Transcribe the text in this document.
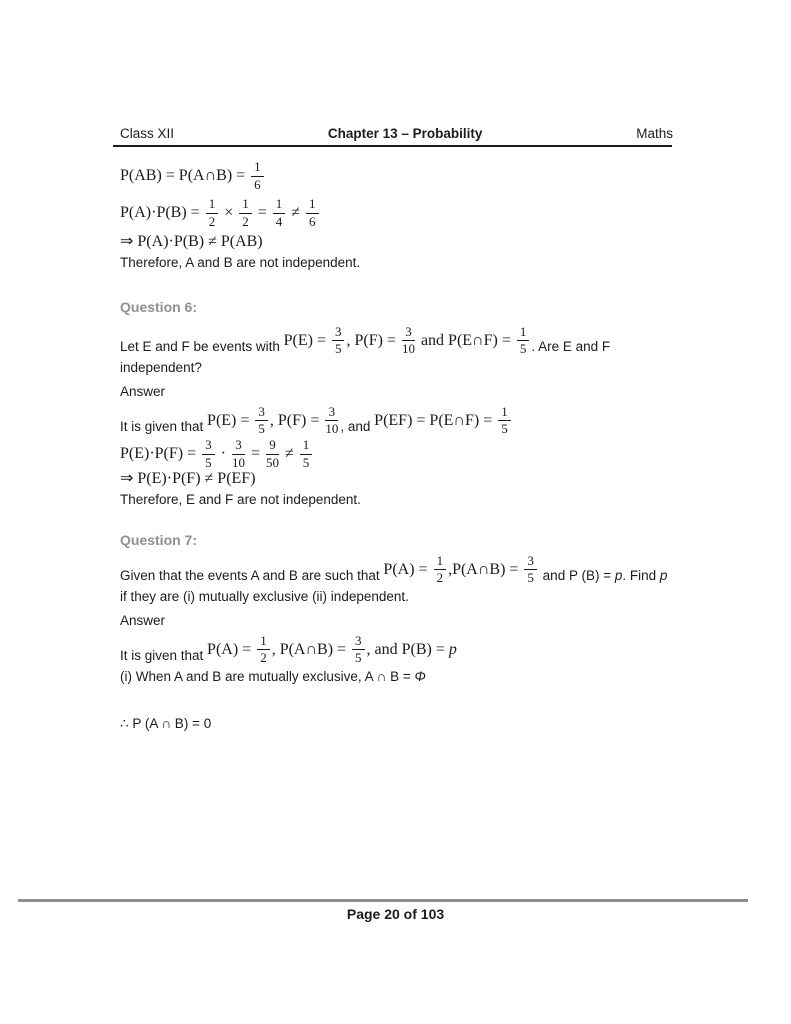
Class XII	Chapter 13 – Probability	Maths
P(AB) = P(A∩B) = $\frac{1}{6}$
$P(A)\cdot P(B) = \frac{1}{2} \times \frac{1}{2} = \frac{1}{4} \ne \frac{1}{6}$
⇒ P(A)·P(B) ≠ P(AB)
Therefore, A and B are not independent.
Question 6:
Let E and F be events with $P(E) = \frac{3}{5}$ , $P(F) = \frac{3}{10}$ and P(E∩F) = $\frac{1}{5}$ . Are E and F
independent?
Answer
It is given that $P(E) = \frac{3}{5}$ , $P(F) = \frac{3}{10}$ , and P(EF) = P(E∩F) = $\frac{1}{5}$
$P(E)\cdot P(F) = \frac{3}{5} \cdot \frac{3}{10} = \frac{9}{50} \ne \frac{1}{5}$
⇒ P(E)·P(F) ≠ P(EF)
Therefore, E and F are not independent.
Question 7:
Given that the events A and B are such that $P(A) = \frac{1}{2}$ ,P(A∩B) = $\frac{3}{5}$ and P (B) = p . Find p
if they are (i) mutually exclusive (ii) independent.
Answer
It is given that $P(A) = \frac{1}{2}$ , P(A∩B) = $\frac{3}{5}$ , and P(B) = p
(i) When A and B are mutually exclusive, A ∩ B = Φ
∴ P (A ∩ B) = 0
Page 20 of 103
